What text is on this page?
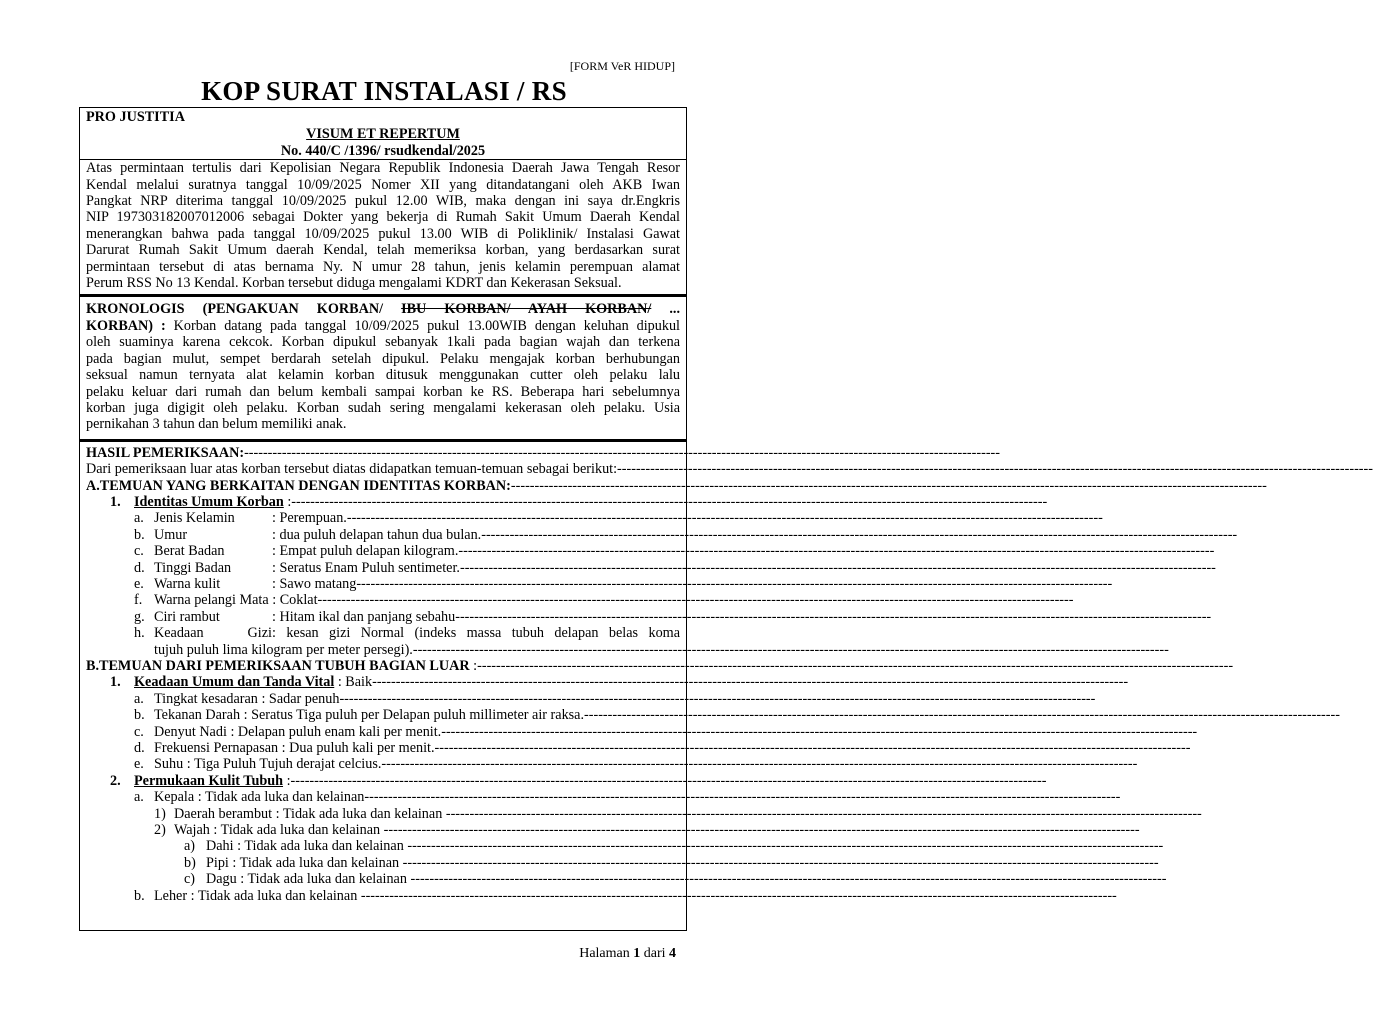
[FORM VeR HIDUP]
KOP SURAT INSTALASI / RS
PRO JUSTITIA
VISUM ET REPERTUM
No. 440/C /1396/ rsudkendal/2025
Atas permintaan tertulis dari Kepolisian Negara Republik Indonesia Daerah Jawa Tengah Resor
Kendal melalui suratnya tanggal 10/09/2025 Nomer XII yang ditandatangani oleh AKB Iwan
Pangkat NRP diterima tanggal 10/09/2025 pukul 12.00 WIB, maka dengan ini saya dr.Engkris
NIP 197303182007012006 sebagai Dokter yang bekerja di Rumah Sakit Umum Daerah Kendal
menerangkan bahwa pada tanggal 10/09/2025 pukul 13.00 WIB di Poliklinik/ Instalasi Gawat
Darurat Rumah Sakit Umum daerah Kendal, telah memeriksa korban, yang berdasarkan surat
permintaan tersebut di atas bernama Ny. N umur 28 tahun, jenis kelamin perempuan alamat
Perum RSS No 13 Kendal. Korban tersebut diduga mengalami KDRT dan Kekerasan Seksual.
KRONOLOGIS (PENGAKUAN KORBAN/ IBU KORBAN/ AYAH KORBAN/ ...
KORBAN) : Korban datang pada tanggal 10/09/2025 pukul 13.00WIB dengan keluhan dipukul
oleh suaminya karena cekcok. Korban dipukul sebanyak 1kali pada bagian wajah dan terkena
pada bagian mulut, sempet berdarah setelah dipukul. Pelaku mengajak korban berhubungan
seksual namun ternyata alat kelamin korban ditusuk menggunakan cutter oleh pelaku lalu
pelaku keluar dari rumah dan belum kembali sampai korban ke RS. Beberapa hari sebelumnya
korban juga digigit oleh pelaku. Korban sudah sering mengalami kekerasan oleh pelaku. Usia
pernikahan 3 tahun dan belum memiliki anak.
HASIL PEMERIKSAAN:----------------------------------------------------------------------------------------------------------------------------------------------------------------
Dari pemeriksaan luar atas korban tersebut diatas didapatkan temuan-temuan sebagai berikut:----------------------------------------------------------------------------------------------------------------------------------------------------------------
A.TEMUAN YANG BERKAITAN DENGAN IDENTITAS KORBAN:----------------------------------------------------------------------------------------------------------------------------------------------------------------
1. Identitas Umum Korban :----------------------------------------------------------------------------------------------------------------------------------------------------------------
a. Jenis Kelamin	: Perempuan.----------------------------------------------------------------------------------------------------------------------------------------------------------------
b. Umur	: dua puluh delapan tahun dua bulan.----------------------------------------------------------------------------------------------------------------------------------------------------------------
c. Berat Badan	: Empat puluh delapan kilogram.----------------------------------------------------------------------------------------------------------------------------------------------------------------
d. Tinggi Badan	: Seratus Enam Puluh sentimeter.----------------------------------------------------------------------------------------------------------------------------------------------------------------
e. Warna kulit	: Sawo matang----------------------------------------------------------------------------------------------------------------------------------------------------------------
f. Warna pelangi Mata : Coklat----------------------------------------------------------------------------------------------------------------------------------------------------------------
g. Ciri rambut	: Hitam ikal dan panjang sebahu----------------------------------------------------------------------------------------------------------------------------------------------------------------
h. Keadaan Gizi: kesan gizi Normal (indeks massa tubuh delapan belas koma
tujuh puluh lima kilogram per meter persegi).----------------------------------------------------------------------------------------------------------------------------------------------------------------
B.TEMUAN DARI PEMERIKSAAN TUBUH BAGIAN LUAR :----------------------------------------------------------------------------------------------------------------------------------------------------------------
1. Keadaan Umum dan Tanda Vital : Baik----------------------------------------------------------------------------------------------------------------------------------------------------------------
a. Tingkat kesadaran : Sadar penuh----------------------------------------------------------------------------------------------------------------------------------------------------------------
b. Tekanan Darah : Seratus Tiga puluh per Delapan puluh millimeter air raksa.----------------------------------------------------------------------------------------------------------------------------------------------------------------
c. Denyut Nadi : Delapan puluh enam kali per menit.----------------------------------------------------------------------------------------------------------------------------------------------------------------
d. Frekuensi Pernapasan : Dua puluh kali per menit.----------------------------------------------------------------------------------------------------------------------------------------------------------------
e. Suhu : Tiga Puluh Tujuh derajat celcius.----------------------------------------------------------------------------------------------------------------------------------------------------------------
2. Permukaan Kulit Tubuh :----------------------------------------------------------------------------------------------------------------------------------------------------------------
a. Kepala : Tidak ada luka dan kelainan----------------------------------------------------------------------------------------------------------------------------------------------------------------
1) Daerah berambut : Tidak ada luka dan kelainan ----------------------------------------------------------------------------------------------------------------------------------------------------------------
2) Wajah : Tidak ada luka dan kelainan ----------------------------------------------------------------------------------------------------------------------------------------------------------------
a) Dahi : Tidak ada luka dan kelainan ----------------------------------------------------------------------------------------------------------------------------------------------------------------
b) Pipi : Tidak ada luka dan kelainan ----------------------------------------------------------------------------------------------------------------------------------------------------------------
c) Dagu : Tidak ada luka dan kelainan ----------------------------------------------------------------------------------------------------------------------------------------------------------------
b. Leher : Tidak ada luka dan kelainan ----------------------------------------------------------------------------------------------------------------------------------------------------------------
Halaman 1 dari 4
